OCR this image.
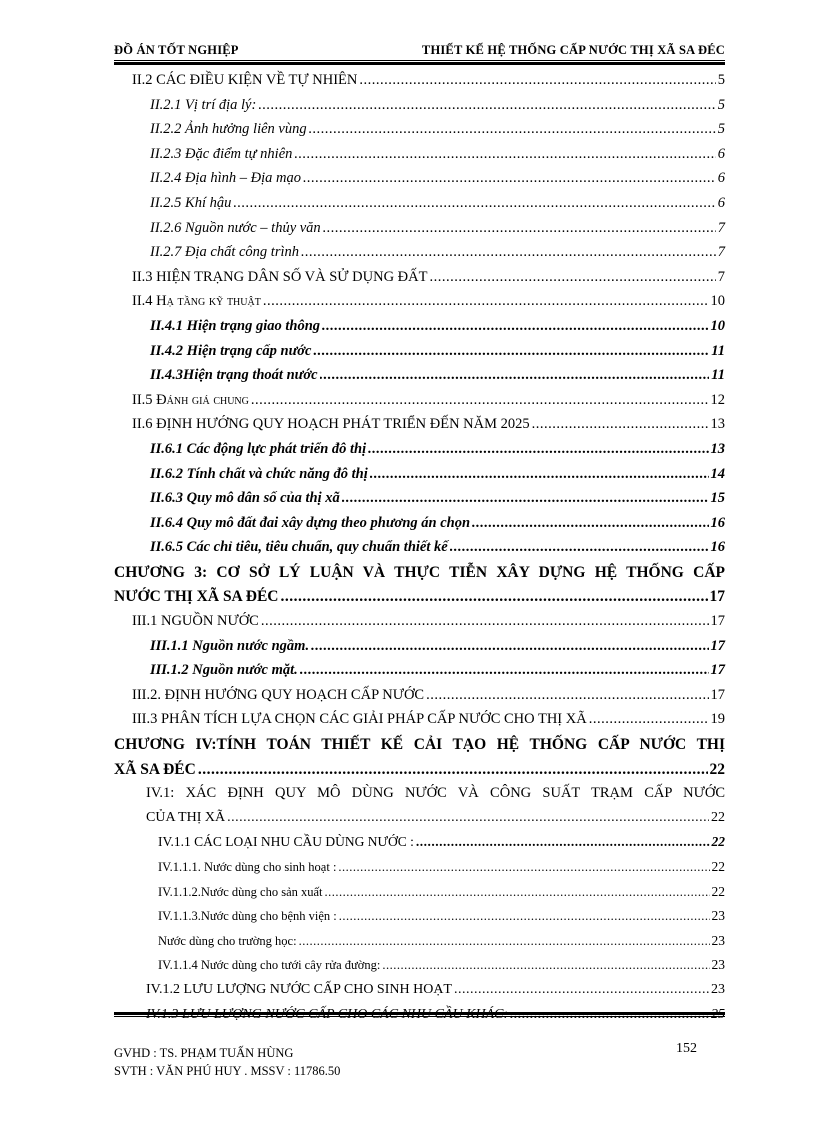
ĐỒ ÁN TỐT NGHIỆP	THIẾT KẾ HỆ THỐNG CẤP NƯỚC THỊ XÃ SA ĐÉC
II.2 CÁC ĐIỀU KIỆN VỀ TỰ NHIÊN .....	5
II.2.1 Vị trí địa lý: .....	5
II.2.2 Ảnh hưởng liên vùng .....	5
II.2.3 Đặc điểm tự nhiên .....	6
II.2.4 Địa hình – Địa mạo .....	6
II.2.5 Khí hậu .....	6
II.2.6 Nguồn nước – thủy văn .....	7
II.2.7 Địa chất công trình .....	7
II.3 HIỆN TRẠNG DÂN SỐ VÀ SỬ DỤNG ĐẤT .....	7
II.4 Hạ tầng kỹ thuật .....	10
II.4.1 Hiện trạng giao thông .....	10
II.4.2 Hiện trạng cấp nước .....	11
II.4.3Hiện trạng thoát nước .....	11
II.5 Đánh giá chung .....	12
II.6 ĐỊNH HƯỚNG QUY HOẠCH PHÁT TRIỂN ĐẾN NĂM 2025 .....	13
II.6.1 Các động lực phát triển đô thị .....	13
II.6.2 Tính chất và chức năng đô thị .....	14
II.6.3 Quy mô dân số của thị xã .....	15
II.6.4 Quy mô đất đai xây dựng theo phương án chọn .....	16
II.6.5 Các chỉ tiêu, tiêu chuẩn, quy chuẩn thiết kế .....	16
CHƯƠNG 3: CƠ SỞ LÝ LUẬN VÀ THỰC TIỄN XÂY DỰNG HỆ THỐNG CẤP
NƯỚC THỊ XÃ SA ĐÉC .....	17
III.1 NGUỒN NƯỚC .....	17
III.1.1 Nguồn nước ngầm. .....	17
III.1.2 Nguồn nước mặt. .....	17
III.2. ĐỊNH HƯỚNG QUY HOẠCH CẤP NƯỚC .....	17
III.3 PHÂN TÍCH LỰA CHỌN CÁC GIẢI PHÁP CẤP NƯỚC CHO THỊ XÃ .....	19
CHƯƠNG IV:TÍNH TOÁN THIẾT KẾ CẢI TẠO HỆ THỐNG CẤP NƯỚC THỊ
XÃ SA ĐÉC .....	22
IV.1: XÁC ĐỊNH QUY MÔ DÙNG NƯỚC VÀ CÔNG SUẤT TRẠM CẤP NƯỚC
CỦA THỊ XÃ .....	22
IV.1.1 CÁC LOẠI NHU CẦU DÙNG NƯỚC : .....	22
IV.1.1.1. Nước dùng cho sinh hoạt : .....	22
IV.1.1.2.Nước dùng cho sản xuất .....	22
IV.1.1.3.Nước dùng cho bệnh viện : .....	23
Nước dùng cho trường học: .....	23
IV.1.1.4 Nước dùng cho tưới cây rửa đường: .....	23
IV.1.2 LƯU LƯỢNG NƯỚC CẤP CHO SINH HOẠT .....	23
IV.1.3 LƯU LƯỢNG NƯỚC CẤP CHO CÁC NHU CẦU KHÁC: .....	25
GVHD : TS. PHẠM TUẤN HÙNG
SVTH : VĂN PHÚ HUY . MSSV : 11786.50
152
